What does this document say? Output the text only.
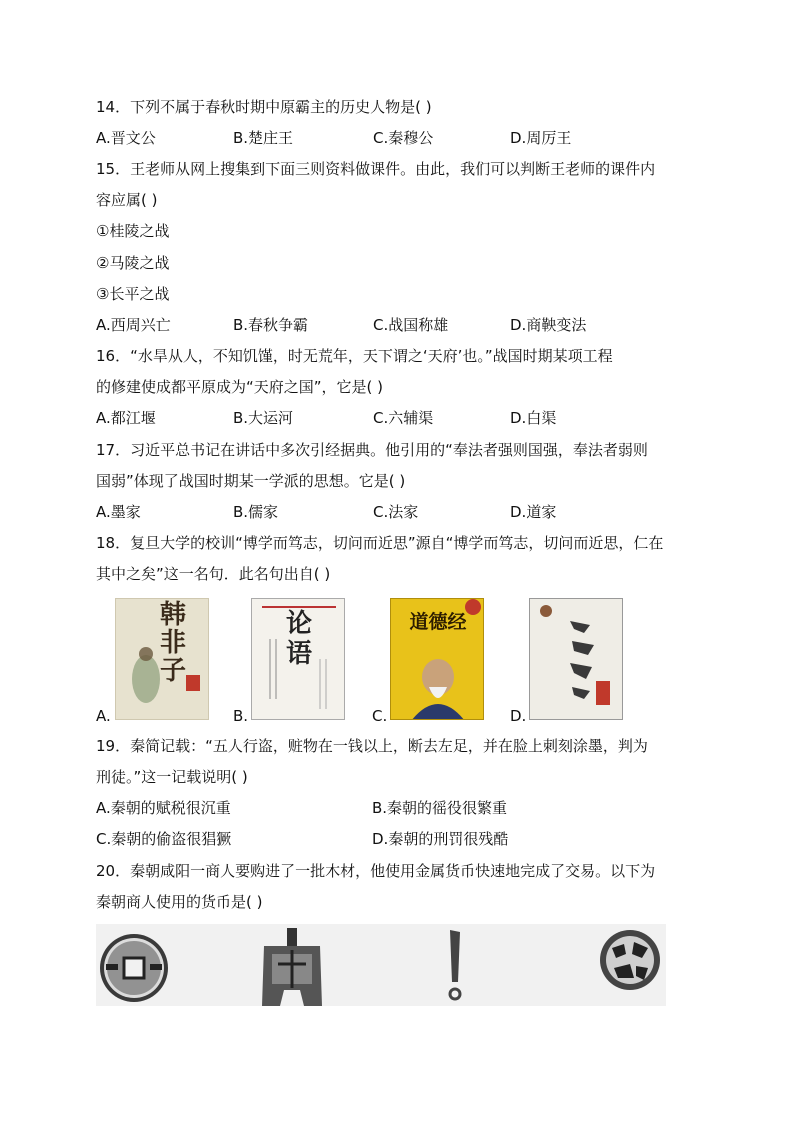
14．下列不属于春秋时期中原霸主的历史人物是( )
A.晋文公	B.楚庄王	C.秦穆公	D.周厉王
15．王老师从网上搜集到下面三则资料做课件。由此，我们可以判断王老师的课件内
容应属( )
①桂陵之战
②马陵之战
③长平之战
A.西周兴亡	B.春秋争霸	C.战国称雄	D.商鞅变法
16．“水旱从人，不知饥馑，时无荒年，天下谓之‘天府’也。”战国时期某项工程
的修建使成都平原成为“天府之国”，它是( )
A.都江堰	B.大运河	C.六辅渠	D.白渠
17．习近平总书记在讲话中多次引经据典。他引用的“奉法者强则国强，奉法者弱则
国弱”体现了战国时期某一学派的思想。它是( )
A.墨家	B.儒家	C.法家	D.道家
18．复旦大学的校训“博学而笃志，切问而近思”源自“博学而笃志，切问而近思，仁在
其中之矣”这一名句．此名句出自( )
A.
韩非子
B.
论语
C.
道德经
D.
19．秦简记载：“五人行盗，赃物在一钱以上，断去左足，并在脸上刺刻涂墨，判为
刑徒。”这一记载说明( )
A.秦朝的赋税很沉重	B.秦朝的徭役很繁重
C.秦朝的偷盗很猖獗	D.秦朝的刑罚很残酷
20．秦朝咸阳一商人要购进了一批木材，他使用金属货币快速地完成了交易。以下为
秦朝商人使用的货币是( )
